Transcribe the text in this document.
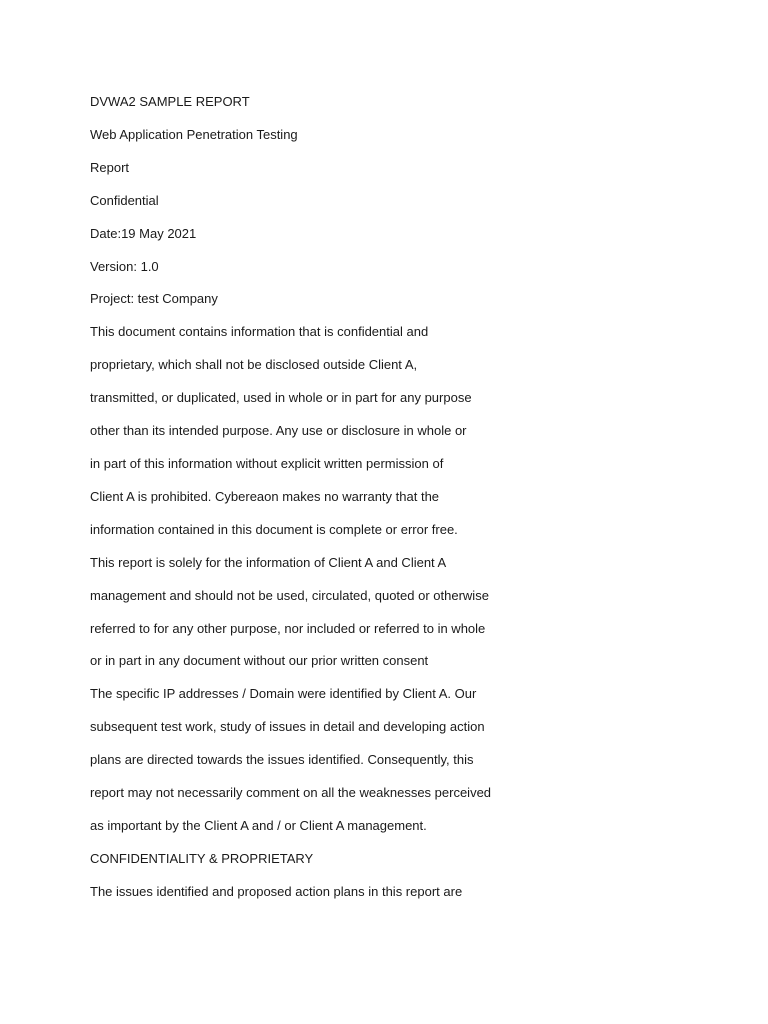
DVWA2 SAMPLE REPORT

Web Application Penetration Testing

Report

Confidential

Date:19 May 2021

Version: 1.0

Project: test Company

This document contains information that is confidential and

proprietary, which shall not be disclosed outside Client A,

transmitted, or duplicated, used in whole or in part for any purpose

other than its intended purpose. Any use or disclosure in whole or

in part of this information without explicit written permission of

Client A is prohibited. Cybereaon makes no warranty that the

information contained in this document is complete or error free.

This report is solely for the information of Client A and Client A

management and should not be used, circulated, quoted or otherwise

referred to for any other purpose, nor included or referred to in whole

or in part in any document without our prior written consent

The specific IP addresses / Domain were identified by Client A. Our

subsequent test work, study of issues in detail and developing action

plans are directed towards the issues identified. Consequently, this

report may not necessarily comment on all the weaknesses perceived

as important by the Client A and / or Client A management.

CONFIDENTIALITY & PROPRIETARY

The issues identified and proposed action plans in this report are
